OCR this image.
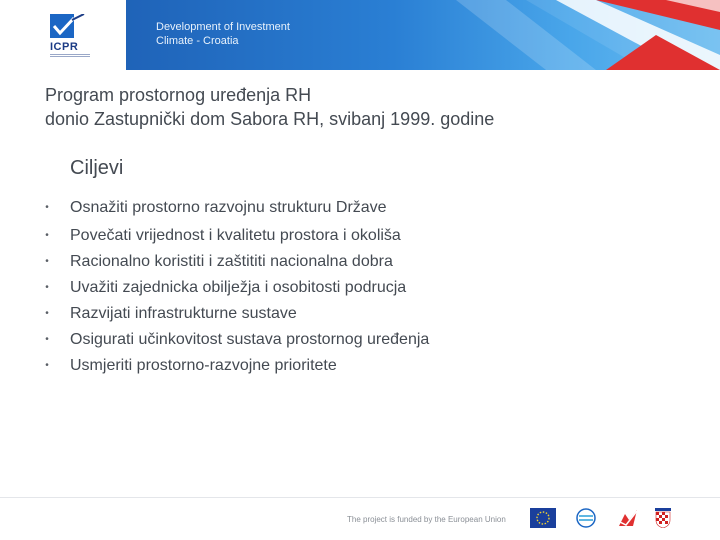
ICPR
Development of Investment
Climate - Croatia
Program prostornog uređenja RH
donio Zastupnički dom Sabora RH, svibanj 1999. godine
Ciljevi
•	Osnažiti prostorno razvojnu strukturu Države
•	Povečati vrijednost i kvalitetu prostora i okoliša
•	Racionalno koristiti i zaštititi nacionalna dobra
•	Uvažiti zajednicka obilježja i osobitosti podrucja
•	Razvijati infrastrukturne sustave
•	Osigurati učinkovitost sustava prostornog uređenja
•	Usmjeriti prostorno-razvojne prioritete
The project is funded by the European Union
